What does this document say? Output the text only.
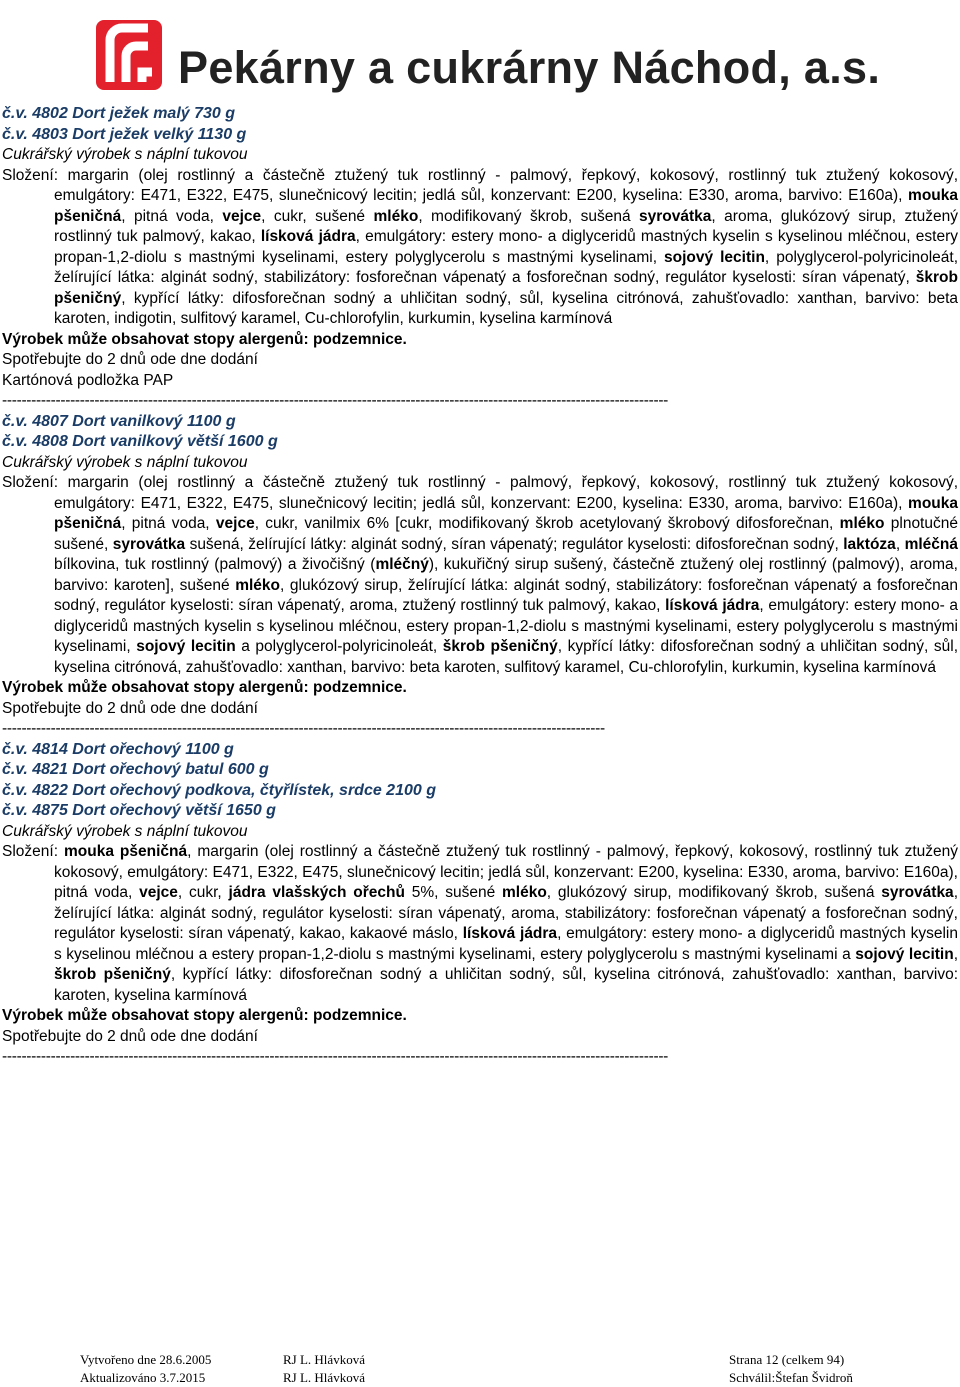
Pekárny a cukrárny Náchod, a.s.
č.v. 4802 Dort ježek malý 730 g
č.v. 4803 Dort ježek velký 1130 g
Cukrářský výrobek s náplní tukovou
Složení: margarin (olej rostlinný a částečně ztužený tuk rostlinný - palmový, řepkový, kokosový, rostlinný tuk ztužený kokosový, emulgátory: E471, E322, E475, slunečnicový lecitin; jedlá sůl, konzervant: E200, kyselina: E330, aroma, barvivo: E160a), mouka pšeničná, pitná voda, vejce, cukr, sušené mléko, modifikovaný škrob, sušená syrovátka, aroma, glukózový sirup, ztužený rostlinný tuk palmový, kakao, lísková jádra, emulgátory: estery mono- a diglyceridů mastných kyselin s kyselinou mléčnou, estery propan-1,2-diolu s mastnými kyselinami, estery polyglycerolu s mastnými kyselinami, sojový lecitin, polyglycerol-polyricinoleát, želírující látka: alginát sodný, stabilizátory: fosforečnan vápenatý a fosforečnan sodný, regulátor kyselosti: síran vápenatý, škrob pšeničný, kypřící látky: difosforečnan sodný a uhličitan sodný, sůl, kyselina citrónová, zahušťovadlo: xanthan, barvivo: beta karoten, indigotin, sulfitový karamel, Cu-chlorofylin, kurkumin, kyselina karmínová
Výrobek může obsahovat stopy alergenů: podzemnice.
Spotřebujte do 2 dnů ode dne dodání
Kartónová podložka PAP
-----------------------------------------------------------------------------------------------------------------------------------------
č.v. 4807 Dort vanilkový 1100 g
č.v. 4808 Dort vanilkový větší 1600 g
Cukrářský výrobek s náplní tukovou
Složení: margarin (olej rostlinný a částečně ztužený tuk rostlinný - palmový, řepkový, kokosový, rostlinný tuk ztužený kokosový, emulgátory: E471, E322, E475, slunečnicový lecitin; jedlá sůl, konzervant: E200, kyselina: E330, aroma, barvivo: E160a), mouka pšeničná, pitná voda, vejce, cukr, vanilmix 6% [cukr, modifikovaný škrob acetylovaný škrobový difosforečnan, mléko plnotučné sušené, syrovátka sušená, želírující látky: alginát sodný, síran vápenatý; regulátor kyselosti: difosforečnan sodný, laktóza, mléčná bílkovina, tuk rostlinný (palmový) a živočišný (mléčný), kukuřičný sirup sušený, částečně ztužený olej rostlinný (palmový), aroma, barvivo: karoten], sušené mléko, glukózový sirup, želírující látka: alginát sodný, stabilizátory: fosforečnan vápenatý a fosforečnan sodný, regulátor kyselosti: síran vápenatý, aroma, ztužený rostlinný tuk palmový, kakao, lísková jádra, emulgátory: estery mono- a diglyceridů mastných kyselin s kyselinou mléčnou, estery propan-1,2-diolu s mastnými kyselinami, estery polyglycerolu s mastnými kyselinami, sojový lecitin a polyglycerol-polyricinoleát, škrob pšeničný, kypřící látky: difosforečnan sodný a uhličitan sodný, sůl, kyselina citrónová, zahušťovadlo: xanthan, barvivo: beta karoten, sulfitový karamel, Cu-chlorofylin, kurkumin, kyselina karmínová
Výrobek může obsahovat stopy alergenů: podzemnice.
Spotřebujte do 2 dnů ode dne dodání
----------------------------------------------------------------------------------------------------------------------------
č.v. 4814 Dort ořechový 1100 g
č.v. 4821 Dort ořechový batul 600 g
č.v. 4822 Dort ořechový podkova, čtyřlístek, srdce 2100 g
č.v. 4875 Dort ořechový větší 1650 g
Cukrářský výrobek s náplní tukovou
Složení: mouka pšeničná, margarin (olej rostlinný a částečně ztužený tuk rostlinný - palmový, řepkový, kokosový, rostlinný tuk ztužený kokosový, emulgátory: E471, E322, E475, slunečnicový lecitin; jedlá sůl, konzervant: E200, kyselina: E330, aroma, barvivo: E160a), pitná voda, vejce, cukr, jádra vlašských ořechů 5%, sušené mléko, glukózový sirup, modifikovaný škrob, sušená syrovátka, želírující látka: alginát sodný, regulátor kyselosti: síran vápenatý, aroma, stabilizátory: fosforečnan vápenatý a fosforečnan sodný, regulátor kyselosti: síran vápenatý, kakao, kakaové máslo, lísková jádra, emulgátory: estery mono- a diglyceridů mastných kyselin s kyselinou mléčnou a estery propan-1,2-diolu s mastnými kyselinami, estery polyglycerolu s mastnými kyselinami a sojový lecitin, škrob pšeničný, kypřící látky: difosforečnan sodný a uhličitan sodný, sůl, kyselina citrónová, zahušťovadlo: xanthan, barvivo: karoten, kyselina karmínová
Výrobek může obsahovat stopy alergenů: podzemnice.
Spotřebujte do 2 dnů ode dne dodání
-----------------------------------------------------------------------------------------------------------------------------------------
Vytvořeno dne 28.6.2005
Aktualizováno 3.7.2015
RJ L. Hlávková
RJ L. Hlávková
Strana 12 (celkem 94)
Schválil:Štefan Švidroň
